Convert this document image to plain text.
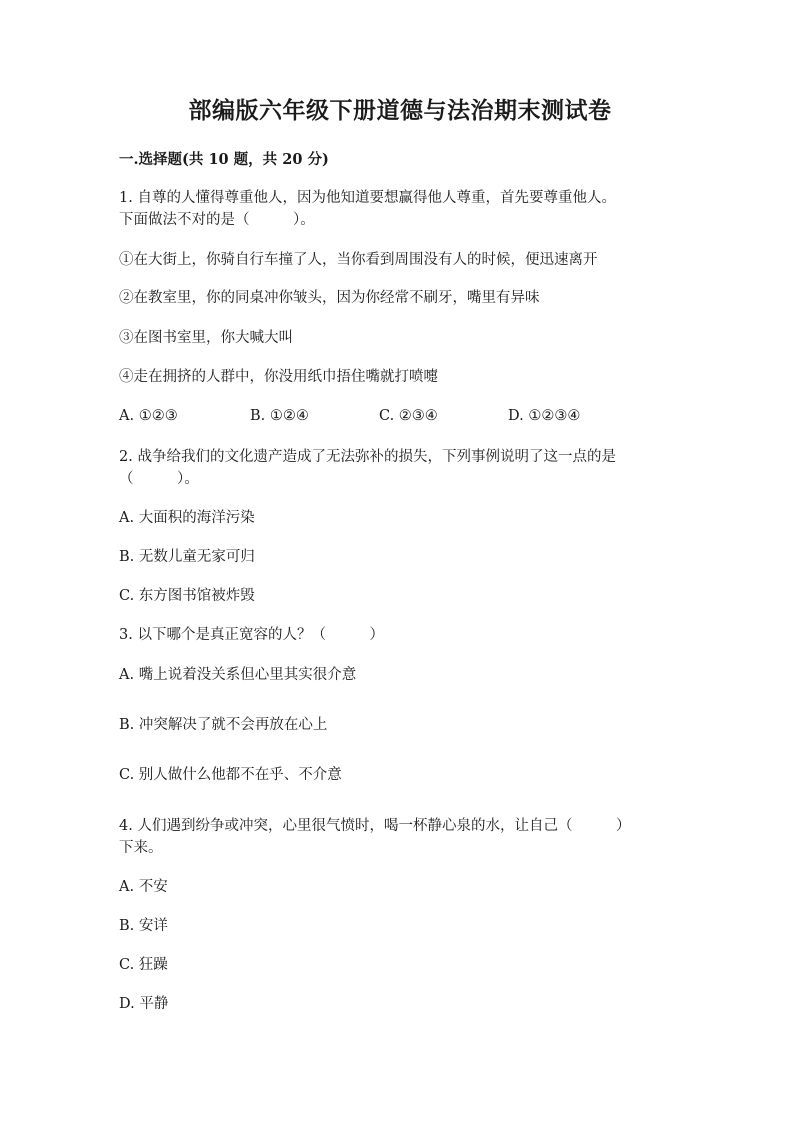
部编版六年级下册道德与法治期末测试卷
一.选择题(共 10 题，共 20 分)
1. 自尊的人懂得尊重他人，因为他知道要想赢得他人尊重，首先要尊重他人。
下面做法不对的是（　　　）。
①在大街上，你骑自行车撞了人，当你看到周围没有人的时候，便迅速离开
②在教室里，你的同桌冲你皱头，因为你经常不刷牙，嘴里有异味
③在图书室里，你大喊大叫
④走在拥挤的人群中，你没用纸巾捂住嘴就打喷嚏
A. ①②③	B. ①②④	C. ②③④	D. ①②③④
2. 战争给我们的文化遗产造成了无法弥补的损失，下列事例说明了这一点的是
（　　　）。
A. 大面积的海洋污染
B. 无数儿童无家可归
C. 东方图书馆被炸毁
3. 以下哪个是真正宽容的人？（　　　）
A. 嘴上说着没关系但心里其实很介意
B. 冲突解决了就不会再放在心上
C. 别人做什么他都不在乎、不介意
4. 人们遇到纷争或冲突，心里很气愤时，喝一杯静心泉的水，让自己（　　　）
下来。
A. 不安
B. 安详
C. 狂躁
D. 平静
